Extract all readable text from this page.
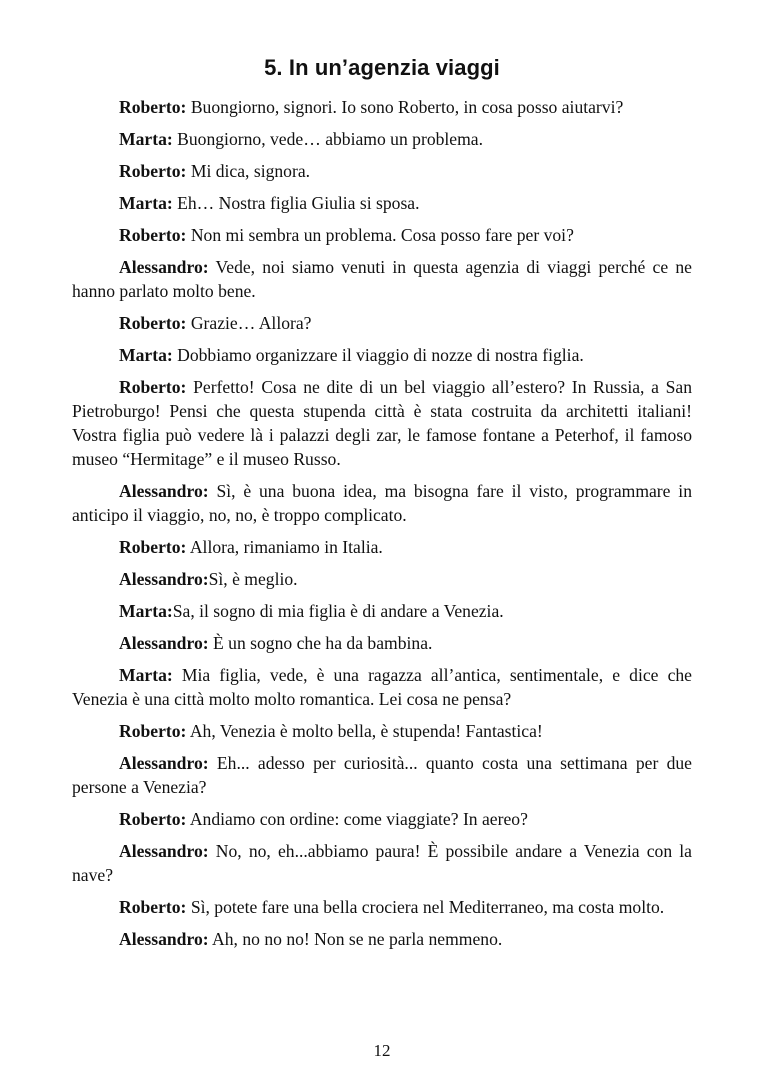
5. In un’agenzia viaggi

Roberto: Buongiorno, signori. Io sono Roberto, in cosa posso aiutarvi?

Marta: Buongiorno, vede… abbiamo un problema.

Roberto: Mi dica, signora.

Marta: Eh… Nostra figlia Giulia si sposa.

Roberto: Non mi sembra un problema. Cosa posso fare per voi?

Alessandro: Vede, noi siamo venuti in questa agenzia di viaggi perché ce ne hanno parlato molto bene.

Roberto: Grazie… Allora?

Marta: Dobbiamo organizzare il viaggio di nozze di nostra figlia.

Roberto: Perfetto! Cosa ne dite di un bel viaggio all’estero? In Russia, a San Pietroburgo! Pensi che questa stupenda città è stata costruita da architetti italiani! Vostra figlia può vedere là i palazzi degli zar, le famose fontane a Peterhof, il famoso museo “Hermitage” e il museo Russo.

Alessandro: Sì, è una buona idea, ma bisogna fare il visto, programmare in anticipo il viaggio, no, no, è troppo complicato.

Roberto: Allora, rimaniamo in Italia.

Alessandro:Sì, è meglio.

Marta:Sa, il sogno di mia figlia è di andare a Venezia.

Alessandro: È un sogno che ha da bambina.

Marta: Mia figlia, vede, è una ragazza all’antica, sentimentale, e dice che Venezia è una città molto molto romantica. Lei cosa ne pensa?

Roberto: Ah, Venezia è molto bella, è stupenda! Fantastica!

Alessandro: Eh... adesso per curiosità... quanto costa una settimana per due persone a Venezia?

Roberto: Andiamo con ordine: come viaggiate? In aereo?

Alessandro: No, no, eh...abbiamo paura! È possibile andare a Venezia con la nave?

Roberto: Sì, potete fare una bella crociera nel Mediterraneo, ma costa molto.

Alessandro: Ah, no no no! Non se ne parla nemmeno.

12
